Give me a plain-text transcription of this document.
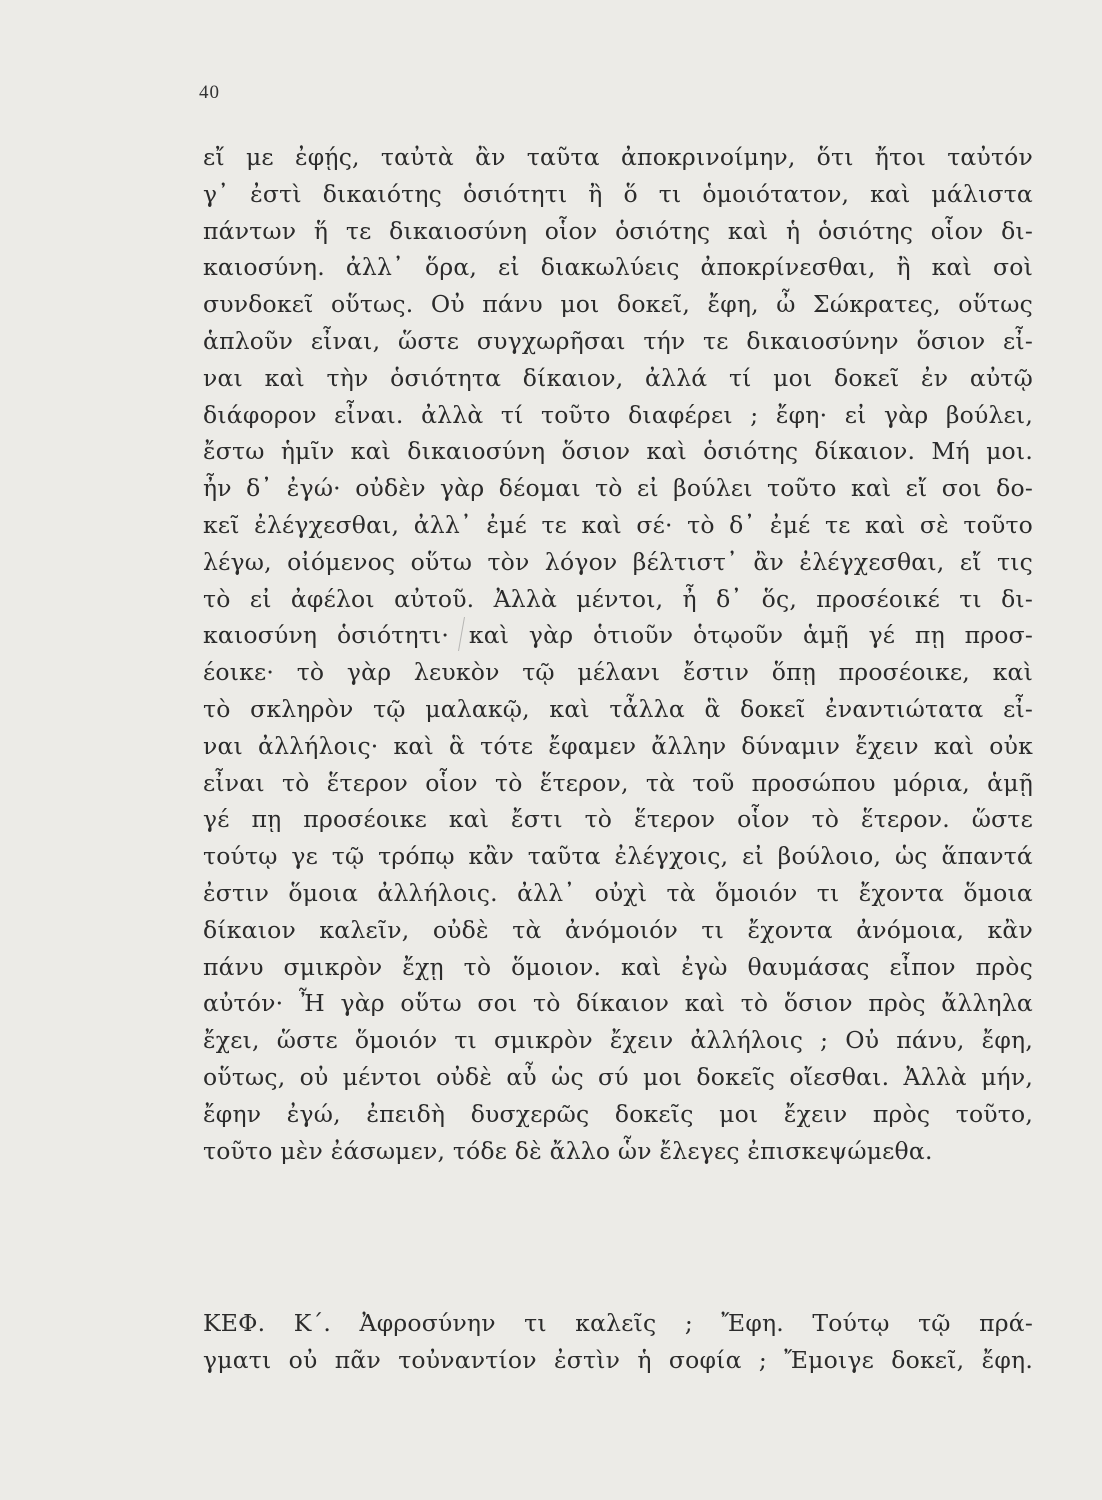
40
εἴ με ἐφῄς, ταὐτὰ ἂν ταῦτα ἀποκρινοίμην, ὅτι ἤτοι ταὐτόν
γ᾽ ἐστὶ δικαιότης ὁσιότητι ἢ ὅ τι ὁμοιότατον, καὶ μάλιστα
πάντων ἥ τε δικαιοσύνη οἷον ὁσιότης καὶ ἡ ὁσιότης οἷον δι-
καιοσύνη. ἀλλ᾽ ὅρα, εἰ διακωλύεις ἀποκρίνεσθαι, ἢ καὶ σοὶ
συνδοκεῖ οὕτως. Οὐ πάνυ μοι δοκεῖ, ἔφη, ὦ Σώκρατες, οὕτως
ἁπλοῦν εἶναι, ὥστε συγχωρῆσαι τήν τε δικαιοσύνην ὅσιον εἶ-
ναι καὶ τὴν ὁσιότητα δίκαιον, ἀλλά τί μοι δοκεῖ ἐν αὐτῷ
διάφορον εἶναι. ἀλλὰ τί τοῦτο διαφέρει ; ἔφη· εἰ γὰρ βούλει,
ἔστω ἡμῖν καὶ δικαιοσύνη ὅσιον καὶ ὁσιότης δίκαιον. Μή μοι.
ἦν δ᾽ ἐγώ· οὐδὲν γὰρ δέομαι τὸ εἰ βούλει τοῦτο καὶ εἴ σοι δο-
κεῖ ἐλέγχεσθαι, ἀλλ᾽ ἐμέ τε καὶ σέ· τὸ δ᾽ ἐμέ τε καὶ σὲ τοῦτο
λέγω, οἰόμενος οὕτω τὸν λόγον βέλτιστ᾽ ἂν ἐλέγχεσθαι, εἴ τις
τὸ εἰ ἀφέλοι αὐτοῦ. Ἀλλὰ μέντοι, ἦ δ᾽ ὅς, προσέοικέ τι δι-
καιοσύνη ὁσιότητι· καὶ γὰρ ὁτιοῦν ὁτῳοῦν ἁμῇ γέ πῃ προσ-
έοικε· τὸ γὰρ λευκὸν τῷ μέλανι ἔστιν ὅπῃ προσέοικε, καὶ
τὸ σκληρὸν τῷ μαλακῷ, καὶ τἆλλα ἃ δοκεῖ ἐναντιώτατα εἶ-
ναι ἀλλήλοις· καὶ ἃ τότε ἔφαμεν ἄλλην δύναμιν ἔχειν καὶ οὐκ
εἶναι τὸ ἕτερον οἷον τὸ ἕτερον, τὰ τοῦ προσώπου μόρια, ἁμῇ
γέ πῃ προσέοικε καὶ ἔστι τὸ ἕτερον οἷον τὸ ἕτερον. ὥστε
τούτῳ γε τῷ τρόπῳ κἂν ταῦτα ἐλέγχοις, εἰ βούλοιο, ὡς ἅπαντά
ἐστιν ὅμοια ἀλλήλοις. ἀλλ᾽ οὐχὶ τὰ ὅμοιόν τι ἔχοντα ὅμοια
δίκαιον καλεῖν, οὐδὲ τὰ ἀνόμοιόν τι ἔχοντα ἀνόμοια, κἂν
πάνυ σμικρὸν ἔχῃ τὸ ὅμοιον. καὶ ἐγὼ θαυμάσας εἶπον πρὸς
αὐτόν· Ἦ γὰρ οὕτω σοι τὸ δίκαιον καὶ τὸ ὅσιον πρὸς ἄλληλα
ἔχει, ὥστε ὅμοιόν τι σμικρὸν ἔχειν ἀλλήλοις ; Οὐ πάνυ, ἔφη,
οὕτως, οὐ μέντοι οὐδὲ αὖ ὡς σύ μοι δοκεῖς οἴεσθαι. Ἀλλὰ μήν,
ἔφην ἐγώ, ἐπειδὴ δυσχερῶς δοκεῖς μοι ἔχειν πρὸς τοῦτο,
τοῦτο μὲν ἐάσωμεν, τόδε δὲ ἄλλο ὧν ἔλεγες ἐπισκεψώμεθα.
ΚΕΦ. Κ΄. Ἀφροσύνην τι καλεῖς ; Ἔφη. Τούτῳ τῷ πρά-
γματι οὐ πᾶν τοὐναντίον ἐστὶν ἡ σοφία ; Ἔμοιγε δοκεῖ, ἔφη.
